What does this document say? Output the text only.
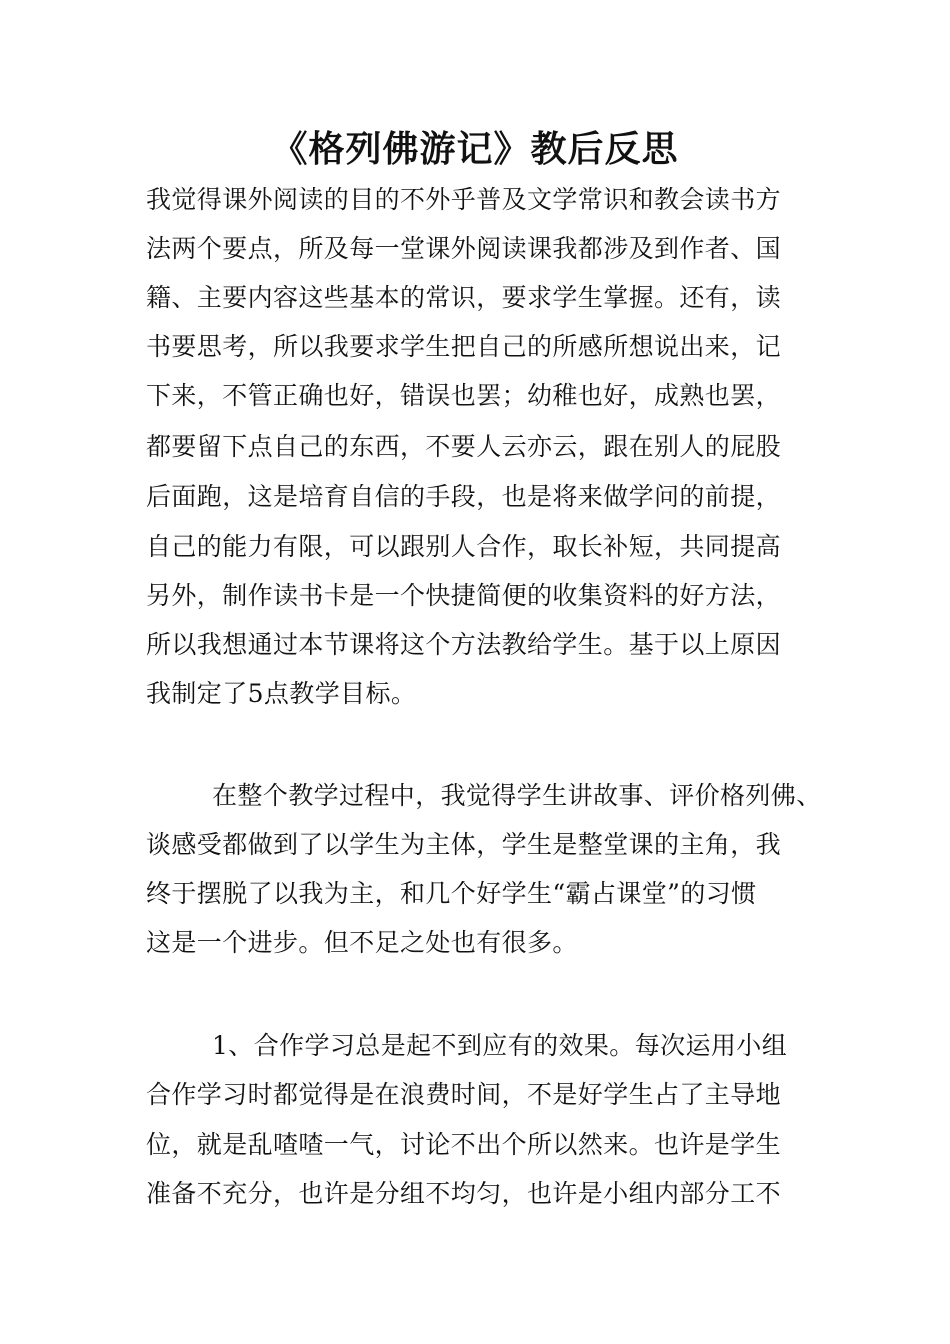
《格列佛游记》教后反思
我觉得课外阅读的目的不外乎普及文学常识和教会读书方
法两个要点，所及每一堂课外阅读课我都涉及到作者、国
籍、主要内容这些基本的常识，要求学生掌握。还有，读
书要思考，所以我要求学生把自己的所感所想说出来，记
下来，不管正确也好，错误也罢；幼稚也好，成熟也罢，
都要留下点自己的东西，不要人云亦云，跟在别人的屁股
后面跑，这是培育自信的手段，也是将来做学问的前提，
自己的能力有限，可以跟别人合作，取长补短，共同提高
另外，制作读书卡是一个快捷简便的收集资料的好方法，
所以我想通过本节课将这个方法教给学生。基于以上原因
我制定了5点教学目标。
在整个教学过程中，我觉得学生讲故事、评价格列佛、
谈感受都做到了以学生为主体，学生是整堂课的主角，我
终于摆脱了以我为主，和几个好学生“霸占课堂”的习惯
这是一个进步。但不足之处也有很多。
1、合作学习总是起不到应有的效果。每次运用小组
合作学习时都觉得是在浪费时间，不是好学生占了主导地
位，就是乱喳喳一气，讨论不出个所以然来。也许是学生
准备不充分，也许是分组不均匀，也许是小组内部分工不
